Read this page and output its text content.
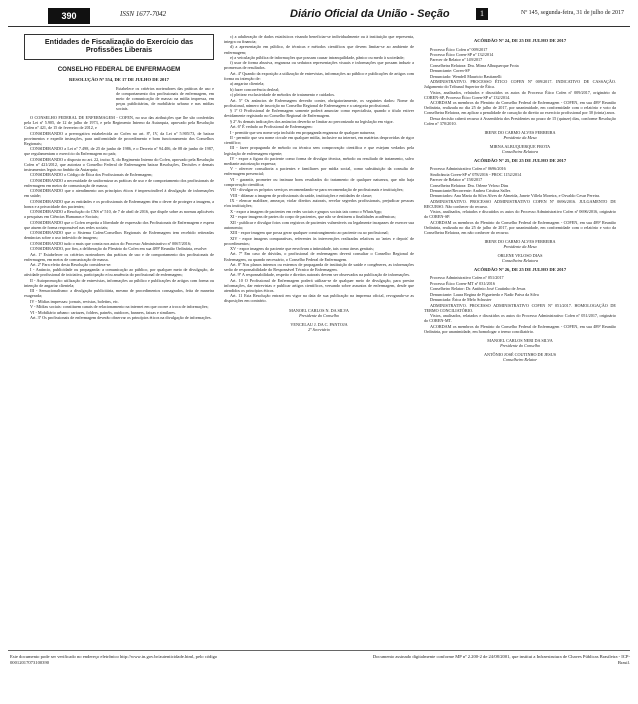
390	ISSN 1677-7042	Diário Oficial da União - Seção	1	Nº 145, segunda-feira, 31 de julho de 2017
Entidades de Fiscalização do Exercício das Profissões Liberais
CONSELHO FEDERAL DE ENFERMAGEM
RESOLUÇÃO Nº 554, DE 17 DE JULHO DE 2017
Estabelece os critérios norteadores das práticas de uso e de comportamento dos profissionais de enfermagem, em meio de comunicação de massa: na mídia impressa, em peças publicitárias, de mobiliário urbano e nas mídias sociais.

O CONSELHO FEDERAL DE ENFERMAGEM - COFEN, no uso das atribuições que lhe são conferidas pela Lei nº 5.905, de 12 de julho de 1973, e pelo Regimento Interno da Autarquia, aprovado pela Resolução Cofen nº 421, de 15 de fevereiro de 2012, e

CONSIDERANDO a prerrogativa estabelecida ao Cofen no art. 8º, IV, da Lei nº 5.905/73, de baixar provimentos e expedir instruções, para uniformidade de procedimento e bom funcionamento dos Conselhos Regionais;

CONSIDERANDO a Lei nº 7.498, de 25 de junho de 1986, e o Decreto nº 94.406, de 08 de junho de 1987, que regulamentam o exercício da Enfermagem no país;

CONSIDERANDO o disposto no art. 22, inciso X, do Regimento Interno do Cofen, aprovado pela Resolução Cofen nº 421/2012, que autoriza o Conselho Federal de Enfermagem baixar Resoluções, Decisões e demais instrumentos legais no âmbito da Autarquia;

CONSIDERANDO o Código de Ética dos Profissionais de Enfermagem;

CONSIDERANDO a necessidade de uniformizar as práticas de uso e de comportamento dos profissionais de enfermagem em meios de comunicação de massa;

CONSIDERANDO que o atendimento aos princípios éticos é imprescindível à divulgação de informações em saúde;

CONSIDERANDO que as entidades e os profissionais de Enfermagem têm o dever de proteger a imagem, a honra e a privacidade dos pacientes;

CONSIDERANDO a Resolução do CNS nº 510, de 7 de abril de 2016, que dispõe sobre as normas aplicáveis a pesquisas em Ciências Humanas e Sociais;

CONSIDERANDO que o Cofen respeita a liberdade de expressão dos Profissionais de Enfermagem e espera que atuem de forma responsável nas redes sociais;

CONSIDERANDO que o Sistema Cofen/Conselhos Regionais de Enfermagem tem recebido reiteradas denúncias sobre o uso indevido de imagens;

CONSIDERANDO tudo o mais que consta nos autos do Processo Administrativo nº 0067/2016;

CONSIDERANDO, por fim, a deliberação do Plenário do Cofen em sua 489ª Reunião Ordinária, resolve:

Art. 1º Estabelecer os critérios norteadores das práticas de uso e de comportamento dos profissionais de enfermagem, em meios de comunicação de massa.

Art. 2º Para efeito desta Resolução considera-se:

I - Anúncio, publicidade ou propaganda: a comunicação ao público, por qualquer meio de divulgação, de atividade profissional de iniciativa, participação e/ou anuência do profissional de enfermagem;

II - Autopromoção: utilização de entrevistas, informações ao público e publicações de artigos com forma ou intenção de angariar clientela;

III - Sensacionalismo: a divulgação publicitária, mesmo de procedimentos consagrados, feita de maneira exagerada;

IV - Mídias impressas: jornais, revistas, boletins, etc.

V - Mídias sociais: constituem canais de relacionamento na internet em que ocorre a troca de informações;

VI - Mobiliário urbano: cartazes, folders, painéis, outdoors, banners, faixas e similares.

Art. 3º Os profissionais de enfermagem deverão observar os princípios éticos na divulgação de informações.

c) a adulteração de dados estatísticos visando beneficiar-se individualmente ou à instituição que representa, integra ou financia;

d) a apresentação em público, de técnicas e métodos científicos que devem limitar-se ao ambiente de enfermagem;

e) a veiculação pública de informações que possam causar intranquilidade, pânico ou medo à sociedade;

f) usar de forma abusiva, enganosa ou sedutora representações visuais e informações que possam induzir a promessas de resultados.

Art. 4º Quando da exposição a utilização de entrevistas, informações ao público e publicações de artigos com forma ou intenção de:

a) angariar clientela;

b) fazer concorrência desleal;

c) pleitear exclusividade de métodos de tratamento e cuidados.

Art. 5º Os anúncios de Enfermagem deverão conter, obrigatoriamente, os seguintes dados: Nome do profissional, número de inscrição no Conselho Regional de Enfermagem e a categoria profissional.

§ 1º O Profissional de Enfermagem somente poderá anunciar como especialista, quando o título estiver devidamente registrado no Conselho Regional de Enfermagem.

§ 2º As demais indicações dos anúncios deverão se limitar ao preconizado na legislação em vigor.

Art. 6º É vedado ao Profissional de Enfermagem:

I - permitir que seu nome seja incluído em propaganda enganosa de qualquer natureza;

II - permitir que seu nome circule em qualquer mídia, inclusive na internet, em matérias desprovidas de rigor científico;

III - fazer propaganda de método ou técnica sem comprovação científica e que estejam vedados pela legislação de enfermagem vigente;

IV - expor a figura do paciente como forma de divulgar técnica, método ou resultado de tratamento, salvo mediante autorização expressa;

V - oferecer consultoria a pacientes e familiares por mídia social, como substituição da consulta de enfermagem presencial;

VI - garantir, prometer ou insinuar bons resultados do tratamento de qualquer natureza, que não haja comprovação científica;

VII - divulgar os próprios serviços recomendando-se para recomendação de profissionais e instituições;

VIII - difamar a imagem de profissionais da saúde, instituições e entidades de classe;

IX - elencar maldizer, ameaçar, violar direitos autorais, revelar segredos profissionais, prejudicar pessoas e/ou instituições;

X - expor a imagem de pacientes em redes sociais e grupos sociais tais como o WhatsApp;

XI - expor imagens de partes do corpo de pacientes, que não se destinem a finalidades acadêmicas;

XII - publicar e divulgar fotos com registros de pacientes vulneráveis ou legalmente incapazes de exercer sua autonomia;

XIII - expor imagem que possa gerar qualquer constrangimento ao paciente ou ao profissional;

XIV - expor imagens comparativas, referentes às intervenções realizadas relativas ao 'antes e depois' de procedimentos;

XV - expor imagens do paciente que envolvam a intimidade, tais como áreas genitais;

Art. 7º Em caso de dúvidas, o profissional de enfermagem deverá consultar o Conselho Regional de Enfermagem, ou quando necessário, o Conselho Federal de Enfermagem.

Art. 8º Nos planos internos ou externos de propaganda de instituição de saúde e congêneres, as informações serão de responsabilidade do Responsável Técnico de Enfermagem.

Art. 9º A responsabilidade, respeito e direitos autorais devem ser observados na publicação de informações.

Art. 10 O Profissional de Enfermagem poderá utilizar-se de qualquer meio de divulgação, para prestar informações, dar entrevistas e publicar artigos científicos, versando sobre assuntos de enfermagem, desde que atendidos os princípios éticos.

Art. 11 Esta Resolução entrará em vigor na data de sua publicação na imprensa oficial, revogando-se as disposições em contrário.

MANOEL CARLOS N. DA SILVA
Presidente do Conselho
VENCELAU J. DA C. PANTOJA
2º Secretário
ACÓRDÃO Nº 24, DE 25 DE JULHO DE 2017

Processo Ético Cofen nº 009/2017

Processo Ético Coren-SP nº 132/2014

Parecer de Relator nº 149/2017

Conselheira Relatora: Dra. Mirna Albuquerque Frota

Denunciante: Coren-SP

Denunciado: Wendell Mauricio Bastianelli

ADMINISTRATIVO. PROCESSO ÉTICO COFEN Nº 009/2017. INDICATIVO DE CASSAÇÃO. Julgamento do Tribunal Superior de Ética.

Vistos, analisados, relatados e discutidos os autos do Processo Ético Cofen nº 009/2017, originário do COREN-SP, Processo Ético Coren-SP nº 132/2014.

ACORDAM os membros do Plenário do Conselho Federal de Enfermagem - COFEN, em sua 489ª Reunião Ordinária, realizada no dia 25 de julho de 2017, por unanimidade, em conformidade com o relatório e voto da Conselheira Relatora, em aplicar a penalidade de cassação do direito ao exercício profissional por 30 (trinta) anos.

Dessa decisão caberá recurso à Assembleia dos Presidentes no prazo de 15 (quinze) dias, conforme Resolução Cofen nº 370/2010.

IRENE DO CARMO ALVES FERREIRA
Presidente da Mesa
MIRNA ALBUQUERQUE FROTA
Conselheira Relatora
ACÓRDÃO Nº 25, DE 25 DE JULHO DE 2017

Processo Administrativo Cofen nº 0696/2016

Sindicância Coren-SP nº 078/2016 - PROC 1152/2014

Parecer de Relator nº 158/2017

Conselheira Relatora: Dra. Orlene Veloso Dias

Denunciante/Recorrente: Andrea Cristina Salles

Denunciados: Ana Maria da Silva Alves de Almeida, Janete Villela Moreira, e Osvaldo Cesar Pereira.

ADMINISTRATIVO. PROCESSO ADMINISTRATIVO COFEN Nº 0696/2016. JULGAMENTO DE RECURSO. Não conhecer do recurso.

Vistos, analisados, relatados e discutidos os autos do Processo Administrativo Cofen nº 0696/2016, originário do COREN-SP.

ACORDAM os membros do Plenário do Conselho Federal de Enfermagem - COFEN, em sua 489ª Reunião Ordinária, realizada no dia 25 de julho de 2017, por unanimidade, em conformidade com o relatório e voto da Conselheira Relatora, em não conhecer do recurso.

IRENE DO CARMO ALVES FERREIRA
Presidente da Mesa
ORLENE VELOSO DIAS
Conselheira Relatora
ACÓRDÃO Nº 26, DE 25 DE JULHO DE 2017

Processo Administrativo Cofen nº 051/2017

Processo Ético Coren-MT nº 031/2016

Conselheiro Relator: Dr. Antônio José Coutinho de Jesus

Denunciante: Laura Regina de Figueiredo e Nadir Paiva da Silva

Denunciada: Érica de Melo Schuster

ADMINISTRATIVO. PROCESSO ADMINISTRATIVO COFEN Nº 051/2017. HOMOLOGAÇÃO DE TERMO CONCILIATÓRIO.

Vistos, analisados, relatados e discutidos os autos do Processo Administrativo Cofen nº 051/2017, originário do COREN-MT.

ACORDAM os membros do Plenário do Conselho Federal de Enfermagem - COFEN, em sua 489ª Reunião Ordinária, por unanimidade, em homologar o termo conciliatório.

MANOEL CARLOS NERI DA SILVA
Presidente do Conselho
ANTÔNIO JOSÉ COUTINHO DE JESUS
Conselheiro Relator
Este documento pode ser verificado no endereço eletrônico http://www.in.gov.br/autenticidade.html, pelo código 00012017073100390
Documento assinado digitalmente conforme MP nº 2.200-2 de 24/08/2001, que institui a Infraestrutura de Chaves Públicas Brasileira - ICP-Brasil.
